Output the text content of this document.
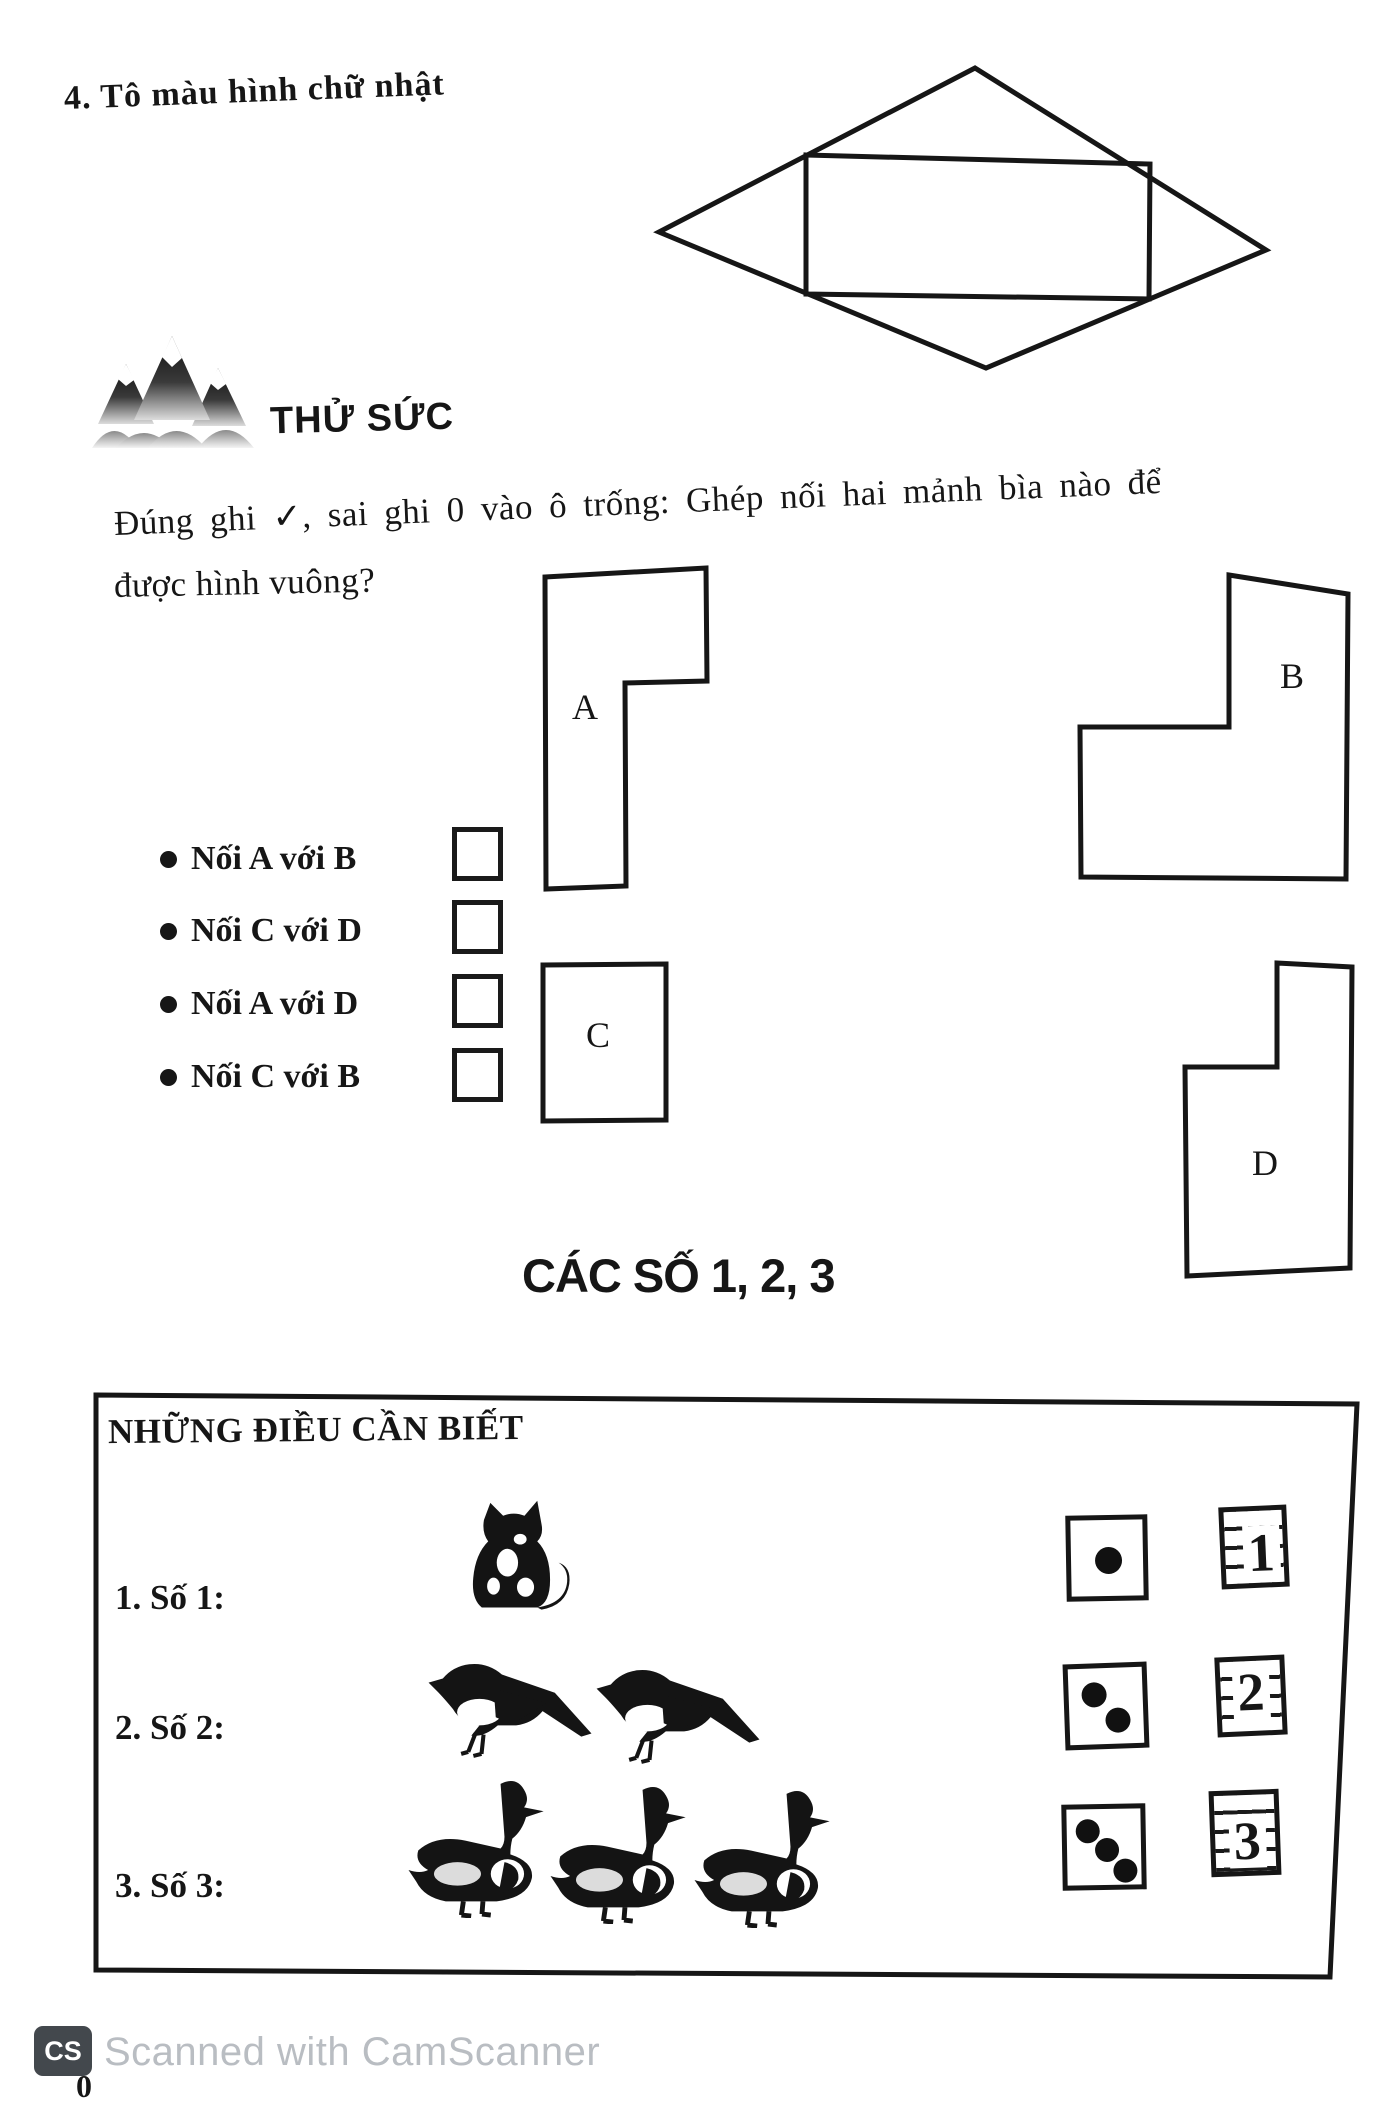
4. Tô màu hình chữ nhật
THỬ SỨC
Đúng ghi ✓, sai ghi 0 vào ô trống: Ghép nối hai mảnh bìa nào để
được hình vuông?
A
B
C
D
Nối A với B
Nối C với D
Nối A với D
Nối C với B
CÁC SỐ 1, 2, 3
NHỮNG ĐIỀU CẦN BIẾT
1. Số 1:
2. Số 2:
3. Số 3:
1
2
3
CS Scanned with CamScanner
0
